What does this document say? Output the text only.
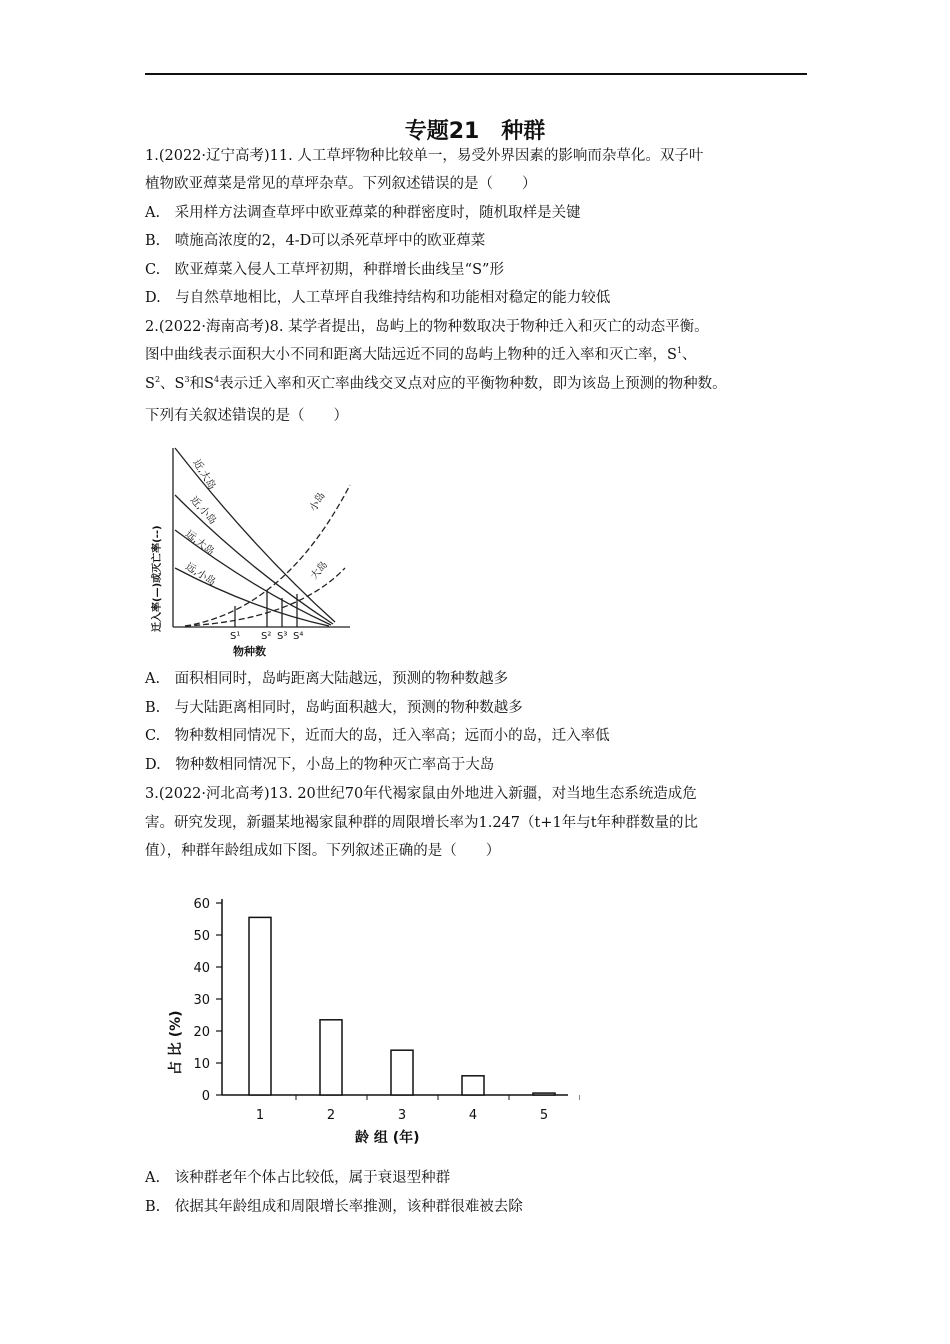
专题21　种群
1.(2022·辽宁高考)11. 人工草坪物种比较单一，易受外界因素的影响而杂草化。双子叶
植物欧亚蔊菜是常见的草坪杂草。下列叙述错误的是（　　）
A.　采用样方法调查草坪中欧亚蔊菜的种群密度时，随机取样是关键
B.　喷施高浓度的2，4-D可以杀死草坪中的欧亚蔊菜
C.　欧亚蔊菜入侵人工草坪初期，种群增长曲线呈“S”形
D.　与自然草地相比，人工草坪自我维持结构和功能相对稳定的能力较低
2.(2022·海南高考)8. 某学者提出，岛屿上的物种数取决于物种迁入和灭亡的动态平衡。
图中曲线表示面积大小不同和距离大陆远近不同的岛屿上物种的迁入率和灭亡率，$S^1$、
$S^2$、$S^3$和$S^4$表示迁入率和灭亡率曲线交叉点对应的平衡物种数，即为该岛上预测的物种数。
下列有关叙述错误的是（　　）
近,大岛
近,小岛
远,大岛
远,小岛
小岛
大岛
S¹ S² S³ S⁴
物种数
迁入率(—)或灭亡率(--)
A.　面积相同时，岛屿距离大陆越远，预测的物种数越多
B.　与大陆距离相同时，岛屿面积越大，预测的物种数越多
C.　物种数相同情况下，近而大的岛，迁入率高；远而小的岛，迁入率低
D.　物种数相同情况下，小岛上的物种灭亡率高于大岛
3.(2022·河北高考)13. 20世纪70年代褐家鼠由外地进入新疆，对当地生态系统造成危
害。研究发现，新疆某地褐家鼠种群的周限增长率为1.247（t+1年与t年种群数量的比
值），种群年龄组成如下图。下列叙述正确的是（　　）
0
10
20
30
40
50
60
1	2	3	4	5
占 比 (%)
龄 组 (年)
A.　该种群老年个体占比较低，属于衰退型种群
B.　依据其年龄组成和周限增长率推测，该种群很难被去除
